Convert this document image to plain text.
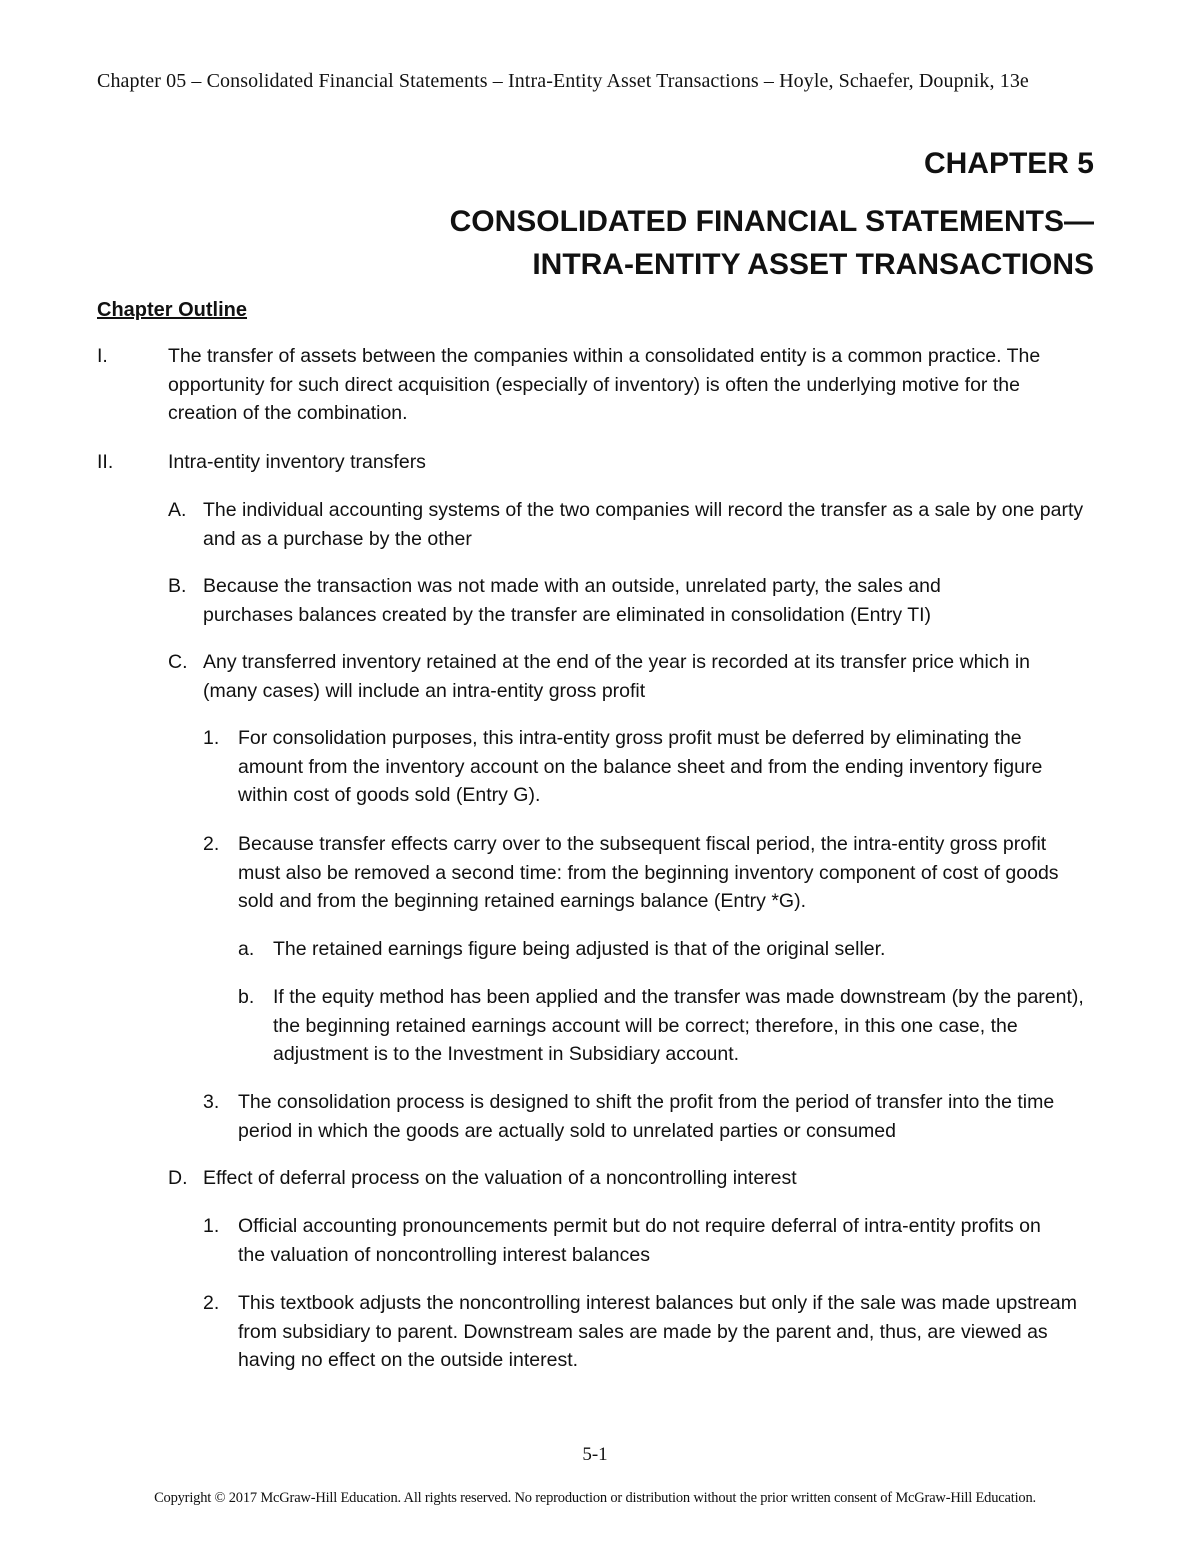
Chapter 05 – Consolidated Financial Statements – Intra-Entity Asset Transactions – Hoyle, Schaefer, Doupnik, 13e
CHAPTER 5
CONSOLIDATED FINANCIAL STATEMENTS—
INTRA-ENTITY ASSET TRANSACTIONS
Chapter Outline
I.	The transfer of assets between the companies within a consolidated entity is a common practice. The opportunity for such direct acquisition (especially of inventory) is often the underlying motive for the creation of the combination.
II.	Intra-entity inventory transfers
A. The individual accounting systems of the two companies will record the transfer as a sale by one party and as a purchase by the other
B. Because the transaction was not made with an outside, unrelated party, the sales and purchases balances created by the transfer are eliminated in consolidation (Entry TI)
C. Any transferred inventory retained at the end of the year is recorded at its transfer price which in (many cases) will include an intra-entity gross profit
1. For consolidation purposes, this intra-entity gross profit must be deferred by eliminating the amount from the inventory account on the balance sheet and from the ending inventory figure within cost of goods sold (Entry G).
2. Because transfer effects carry over to the subsequent fiscal period, the intra-entity gross profit must also be removed a second time: from the beginning inventory component of cost of goods sold and from the beginning retained earnings balance (Entry *G).
a. The retained earnings figure being adjusted is that of the original seller.
b. If the equity method has been applied and the transfer was made downstream (by the parent), the beginning retained earnings account will be correct; therefore, in this one case, the adjustment is to the Investment in Subsidiary account.
3. The consolidation process is designed to shift the profit from the period of transfer into the time period in which the goods are actually sold to unrelated parties or consumed
D. Effect of deferral process on the valuation of a noncontrolling interest
1. Official accounting pronouncements permit but do not require deferral of intra-entity profits on the valuation of noncontrolling interest balances
2. This textbook adjusts the noncontrolling interest balances but only if the sale was made upstream from subsidiary to parent. Downstream sales are made by the parent and, thus, are viewed as having no effect on the outside interest.
5-1
Copyright © 2017 McGraw-Hill Education. All rights reserved. No reproduction or distribution without the prior written consent of McGraw-Hill Education.
